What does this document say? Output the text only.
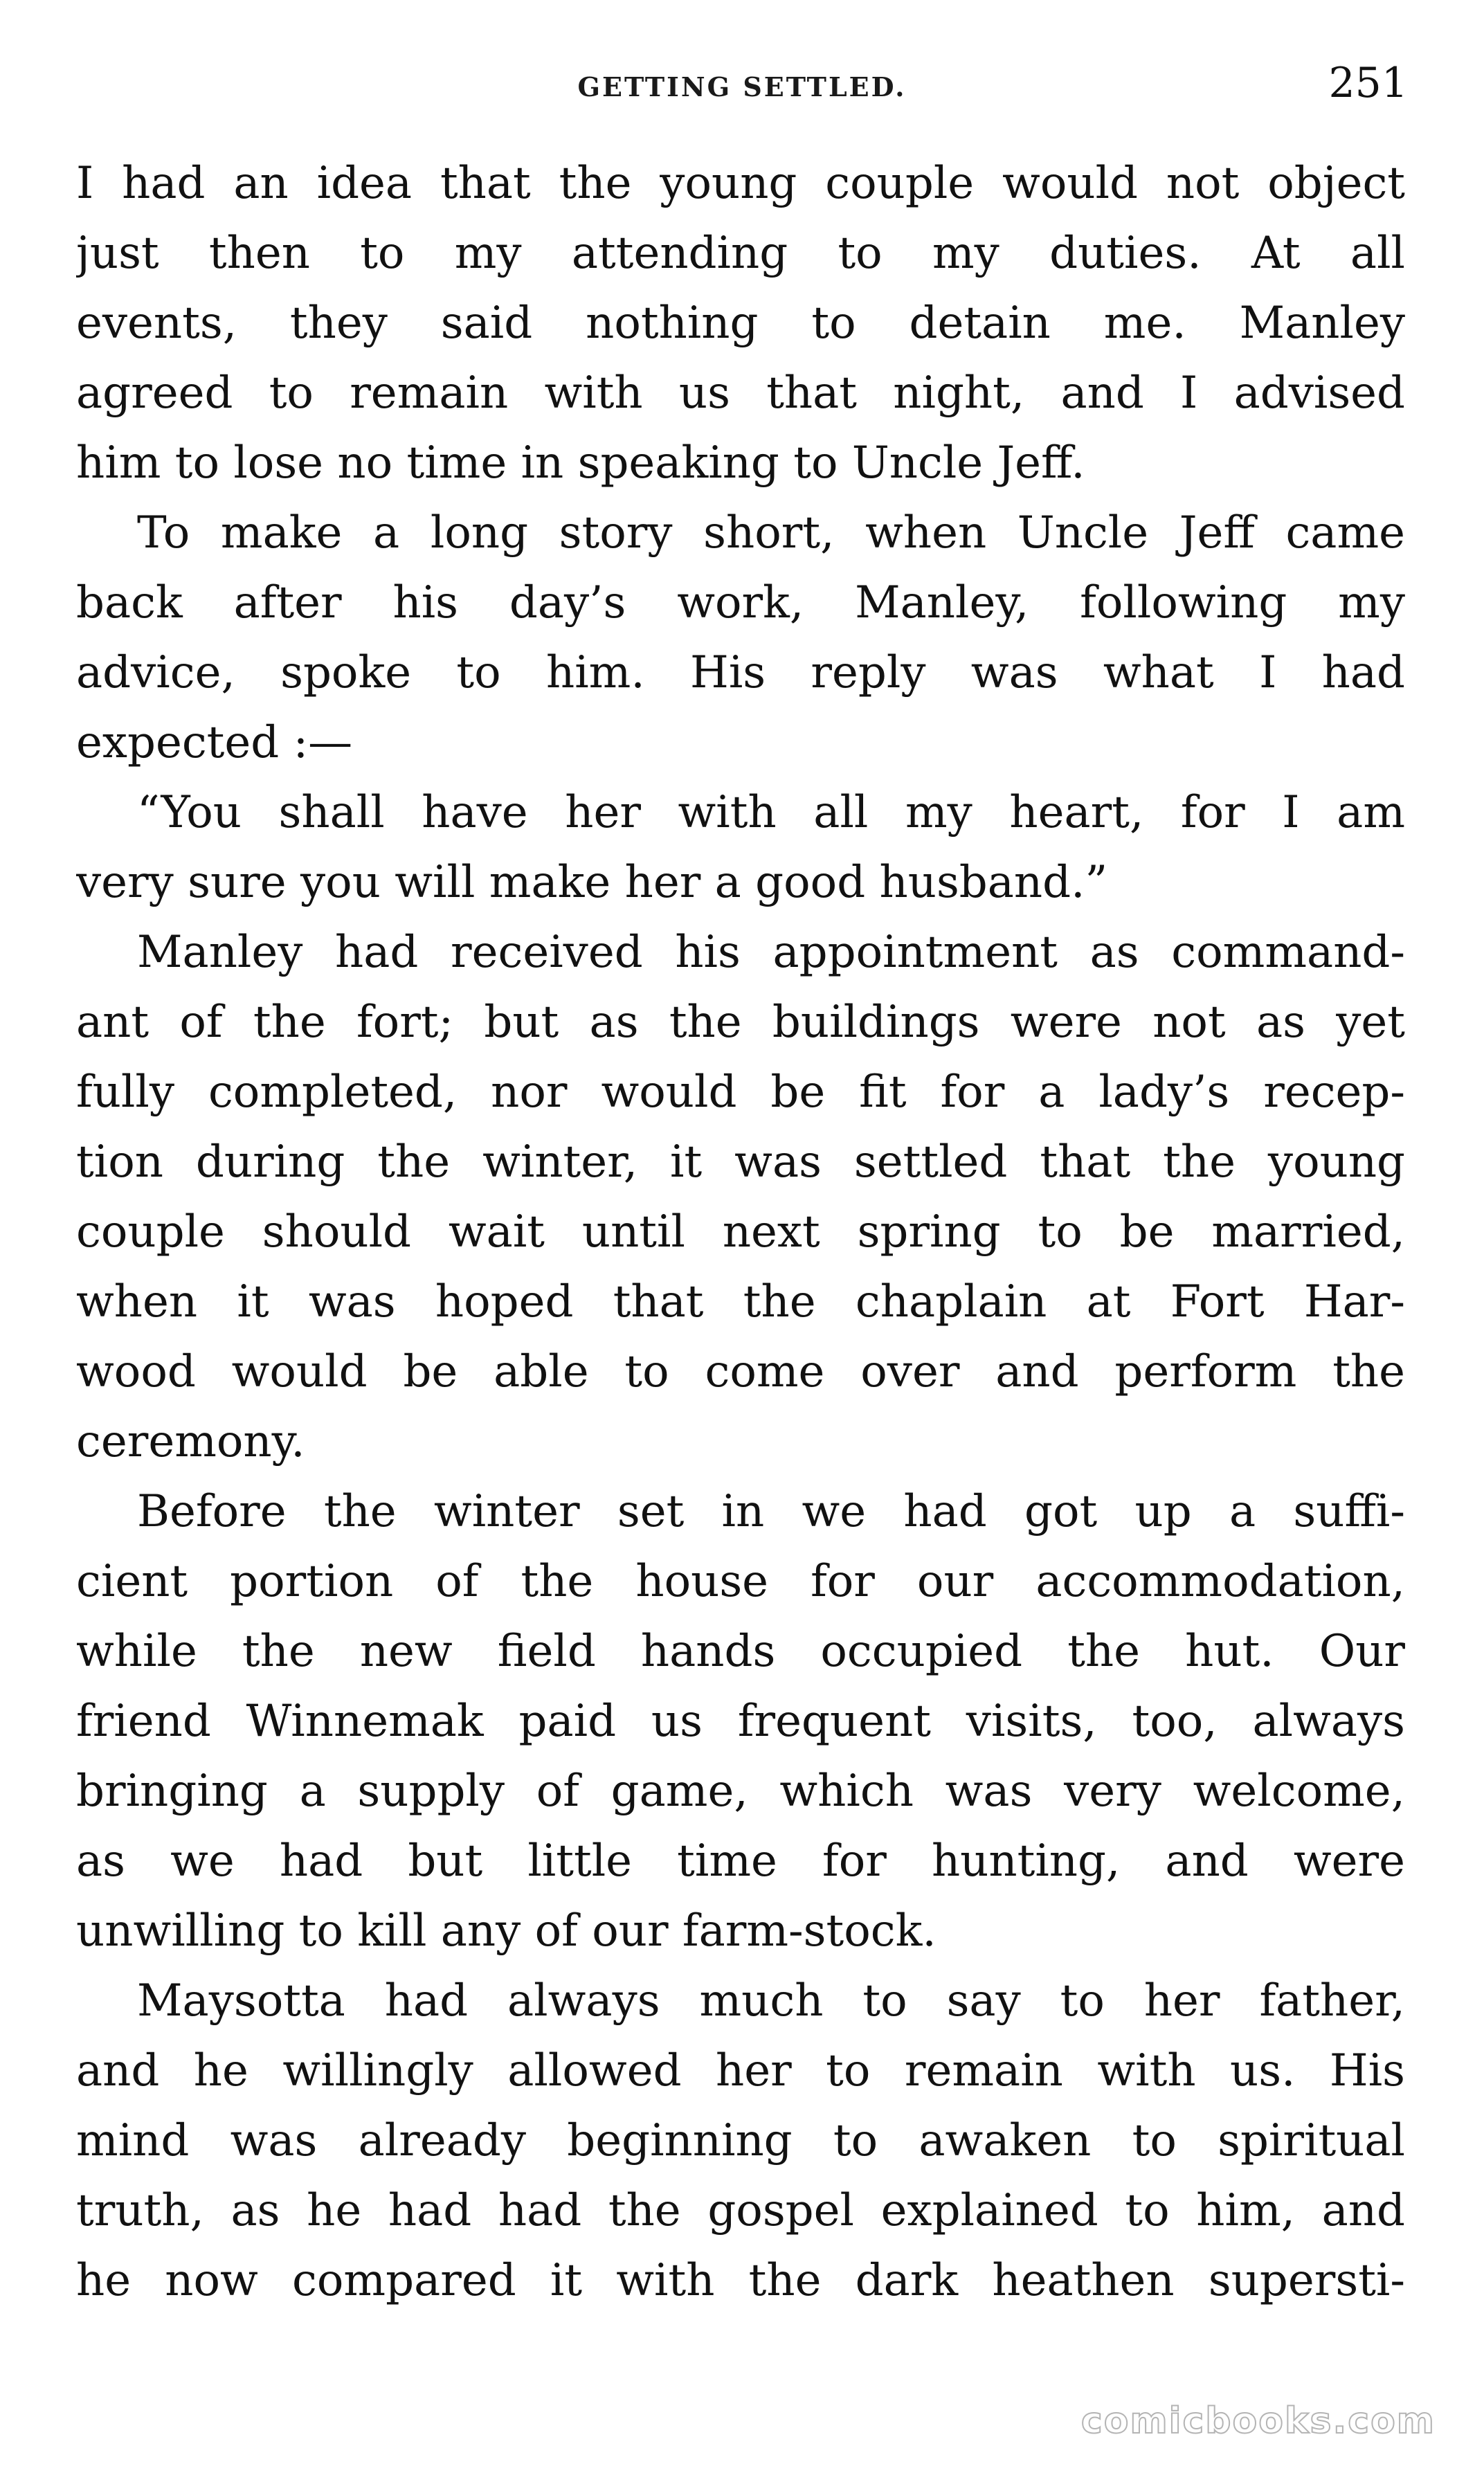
GETTING SETTLED.	251

I had an idea that the young couple would not object
just then to my attending to my duties. At all
events, they said nothing to detain me. Manley
agreed to remain with us that night, and I advised
him to lose no time in speaking to Uncle Jeff.

To make a long story short, when Uncle Jeff came
back after his day’s work, Manley, following my
advice, spoke to him. His reply was what I had
expected :—

“You shall have her with all my heart, for I am
very sure you will make her a good husband.”

Manley had received his appointment as command-
ant of the fort; but as the buildings were not as yet
fully completed, nor would be fit for a lady’s recep-
tion during the winter, it was settled that the young
couple should wait until next spring to be married,
when it was hoped that the chaplain at Fort Har-
wood would be able to come over and perform the
ceremony.

Before the winter set in we had got up a suffi-
cient portion of the house for our accommodation,
while the new field hands occupied the hut. Our
friend Winnemak paid us frequent visits, too, always
bringing a supply of game, which was very welcome,
as we had but little time for hunting, and were
unwilling to kill any of our farm-stock.

Maysotta had always much to say to her father,
and he willingly allowed her to remain with us. His
mind was already beginning to awaken to spiritual
truth, as he had had the gospel explained to him, and
he now compared it with the dark heathen supersti-

comicbooks.com
